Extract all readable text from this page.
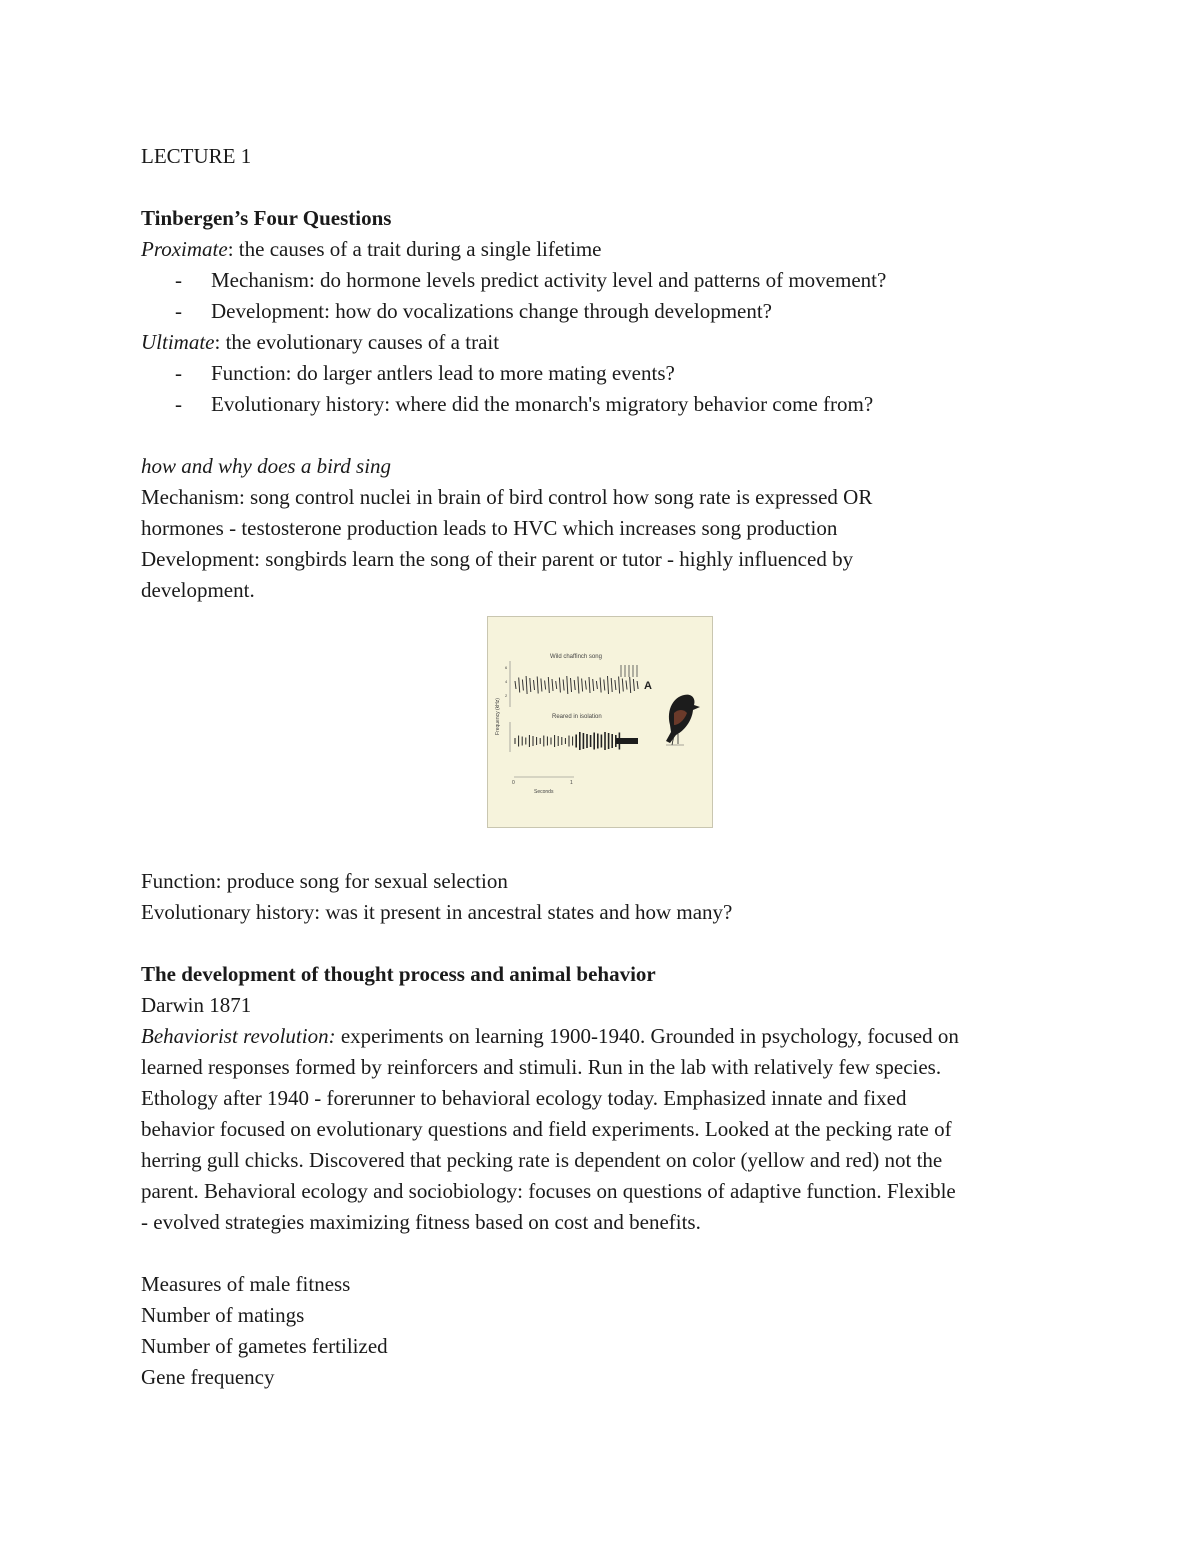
LECTURE 1
Tinbergen’s Four Questions
Proximate: the causes of a trait during a single lifetime
- Mechanism: do hormone levels predict activity level and patterns of movement?
- Development: how do vocalizations change through development?
Ultimate: the evolutionary causes of a trait
- Function: do larger antlers lead to more mating events?
- Evolutionary history: where did the monarch's migratory behavior come from?
how and why does a bird sing
Mechanism: song control nuclei in brain of bird control how song rate is expressed OR
hormones - testosterone production leads to HVC which increases song production
Development: songbirds learn the song of their parent or tutor - highly influenced by
development.
Wild chaffinch song
Reared in isolation
Frequency (kHz)
Seconds
A
0	1
6
4
2
Function: produce song for sexual selection
Evolutionary history: was it present in ancestral states and how many?
The development of thought process and animal behavior
Darwin 1871
Behaviorist revolution: experiments on learning 1900-1940. Grounded in psychology, focused on
learned responses formed by reinforcers and stimuli. Run in the lab with relatively few species.
Ethology after 1940 - forerunner to behavioral ecology today. Emphasized innate and fixed
behavior focused on evolutionary questions and field experiments. Looked at the pecking rate of
herring gull chicks. Discovered that pecking rate is dependent on color (yellow and red) not the
parent. Behavioral ecology and sociobiology: focuses on questions of adaptive function. Flexible
- evolved strategies maximizing fitness based on cost and benefits.
Measures of male fitness
Number of matings
Number of gametes fertilized
Gene frequency
